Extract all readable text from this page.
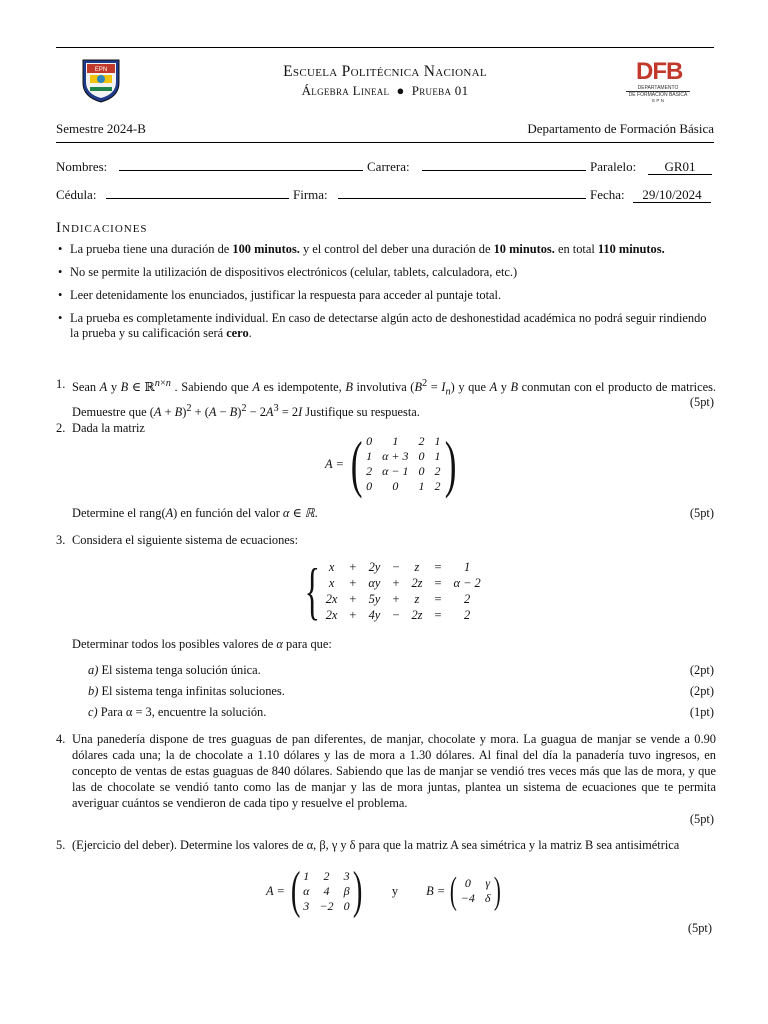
EPN	Escuela Politécnica Nacional
Álgebra Lineal  ●  Prueba 01
DFB
DEPARTAMENTO
DE FORMACIÓN BÁSICA
E P N
Semestre 2024-B	Departamento de Formación Básica
Nombres:	Carrera:	Paralelo:	GR01
Cédula:	Firma:	Fecha:	29/10/2024
Indicaciones
• La prueba tiene una duración de 100 minutos. y el control del deber una duración de 10 minutos. en total 110 minutos.
• No se permite la utilización de dispositivos electrónicos (celular, tablets, calculadora, etc.)
• Leer detenidamente los enunciados, justificar la respuesta para acceder al puntaje total.
• La prueba es completamente individual. En caso de detectarse algún acto de deshonestidad académica no podrá seguir rindiendo la prueba y su calificación será cero.
1. Sean A y B ∈ ℝ$^{n\times n}$ . Sabiendo que A es idempotente, B involutiva $(B^2 = I_n)$ y que A y B conmutan con el producto de matrices. Demuestre que $(A + B)^2 + (A - B)^2 - 2A^3 = 2I$ Justifique su respuesta.
(5pt)
2. Dada la matriz
A = ( 0	1	2	1
1	α + 3	0	1
2	α − 1	0	2
0	0	1	2 )
Determine el rang(A) en función del valor α ∈ ℝ.	(5pt)
3. Considera el siguiente sistema de ecuaciones:
{ x	+	2y	−	z	=	1
x	+	αy	+	2z	=	α − 2
2x	+	5y	+	z	=	2
2x	+	4y	−	2z	=	2
Determinar todos los posibles valores de α para que:
a) El sistema tenga solución única.	(2pt)
b) El sistema tenga infinitas soluciones.	(2pt)
c) Para α = 3, encuentre la solución.	(1pt)
4. Una panedería dispone de tres guaguas de pan diferentes, de manjar, chocolate y mora. La guagua de manjar se vende a 0.90 dólares cada una; la de chocolate a 1.10 dólares y las de mora a 1.30 dólares. Al final del día la panadería tuvo ingresos, en concepto de ventas de estas guaguas de 840 dólares. Sabiendo que las de manjar se vendió tres veces más que las de mora, y que las de chocolate se vendió tanto como las de manjar y las de mora juntas, plantea un sistema de ecuaciones que te permita averiguar cuántos se vendieron de cada tipo y resuelve el problema.
(5pt)
5. (Ejercicio del deber). Determine los valores de α, β, γ y δ para que la matriz A sea simétrica y la matriz B sea antisimétrica
A = ( 1	2	3
α	4	β
3	−2	0 ) y B = ( 0	γ
−4	δ )
(5pt)
